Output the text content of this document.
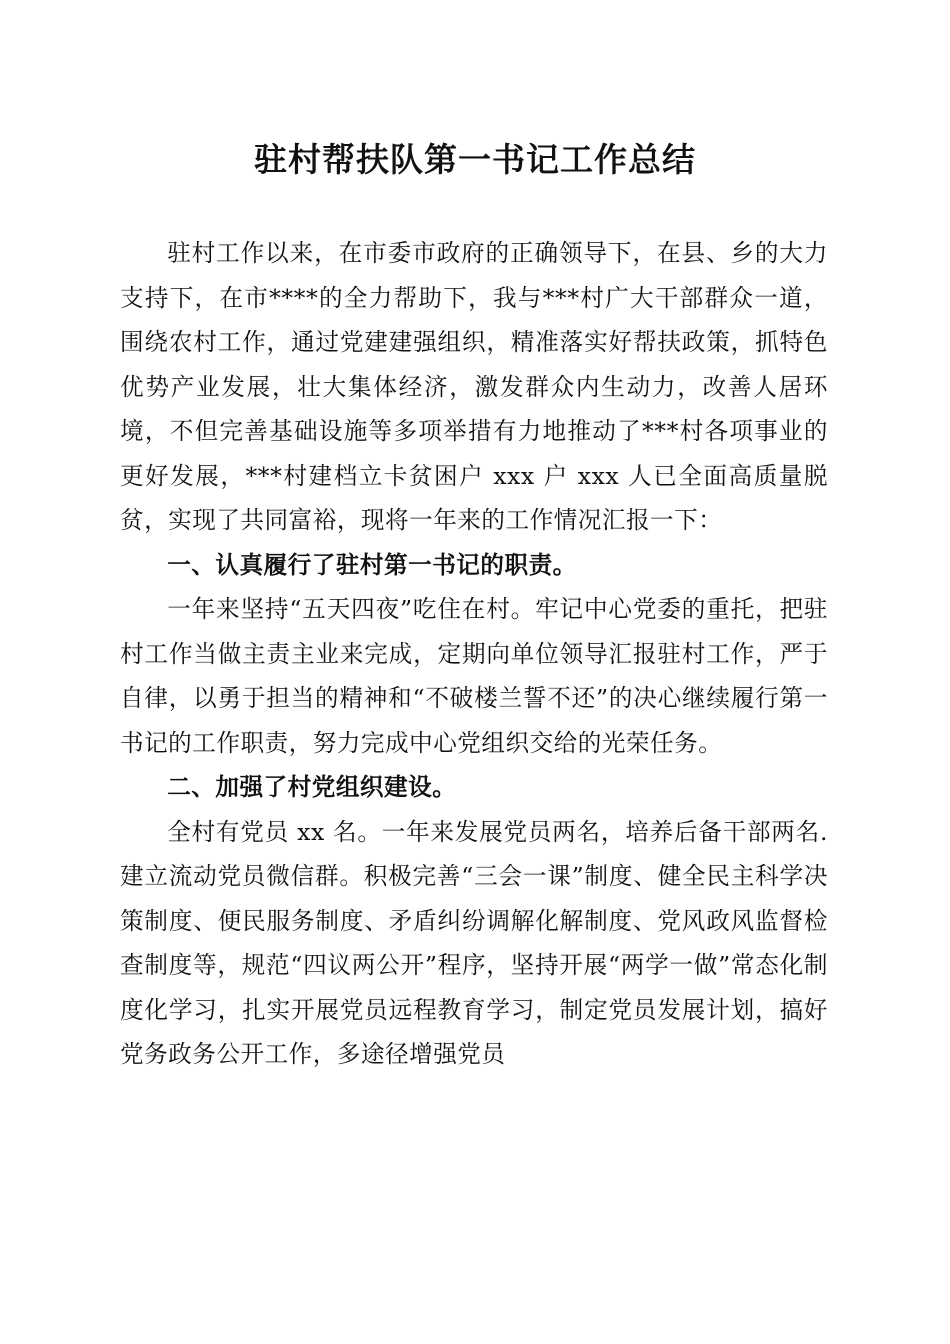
驻村帮扶队第一书记工作总结

驻村工作以来，在市委市政府的正确领导下，在县、乡的大力支持下，在市****的全力帮助下，我与***村广大干部群众一道，围绕农村工作，通过党建建强组织，精准落实好帮扶政策，抓特色优势产业发展，壮大集体经济，激发群众内生动力，改善人居环境，不但完善基础设施等多项举措有力地推动了***村各项事业的更好发展，***村建档立卡贫困户 xxx 户 xxx 人已全面高质量脱贫，实现了共同富裕，现将一年来的工作情况汇报一下：

一、认真履行了驻村第一书记的职责。

一年来坚持“五天四夜”吃住在村。牢记中心党委的重托，把驻村工作当做主责主业来完成，定期向单位领导汇报驻村工作，严于自律，以勇于担当的精神和“不破楼兰誓不还”的决心继续履行第一书记的工作职责，努力完成中心党组织交给的光荣任务。

二、加强了村党组织建设。

全村有党员 xx 名。一年来发展党员两名，培养后备干部两名.建立流动党员微信群。积极完善“三会一课”制度、健全民主科学决策制度、便民服务制度、矛盾纠纷调解化解制度、党风政风监督检查制度等，规范“四议两公开”程序，坚持开展“两学一做”常态化制度化学习，扎实开展党员远程教育学习，制定党员发展计划，搞好党务政务公开工作，多途径增强党员
